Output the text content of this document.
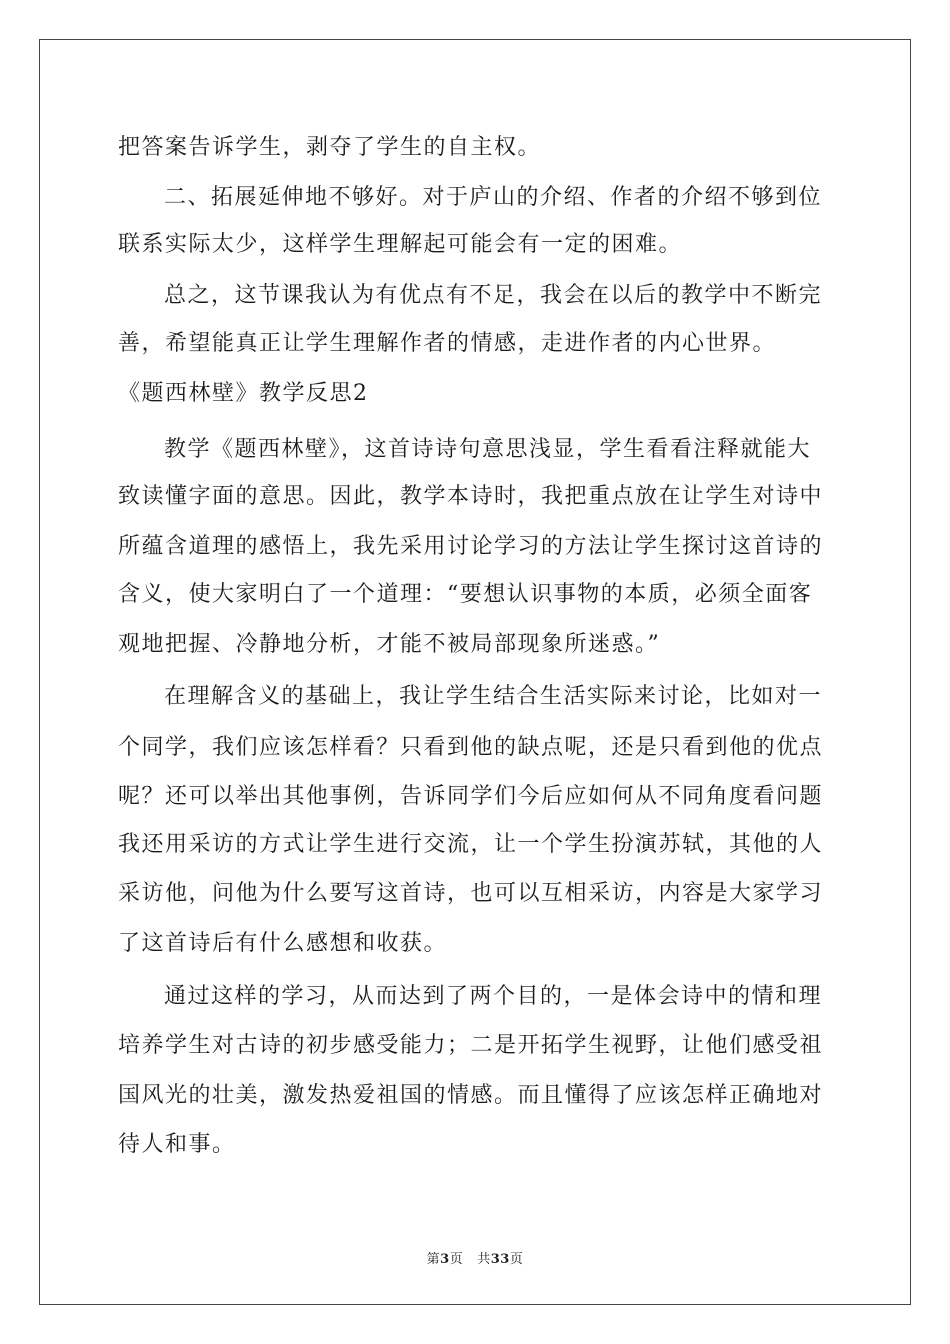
把答案告诉学生，剥夺了学生的自主权。
二、拓展延伸地不够好。对于庐山的介绍、作者的介绍不够到位
联系实际太少，这样学生理解起可能会有一定的困难。
总之，这节课我认为有优点有不足，我会在以后的教学中不断完
善，希望能真正让学生理解作者的情感，走进作者的内心世界。
《题西林壁》教学反思2
教学《题西林壁》，这首诗诗句意思浅显，学生看看注释就能大
致读懂字面的意思。因此，教学本诗时，我把重点放在让学生对诗中
所蕴含道理的感悟上，我先采用讨论学习的方法让学生探讨这首诗的
含义，使大家明白了一个道理：“要想认识事物的本质，必须全面客
观地把握、冷静地分析，才能不被局部现象所迷惑。”
在理解含义的基础上，我让学生结合生活实际来讨论，比如对一
个同学，我们应该怎样看？只看到他的缺点呢，还是只看到他的优点
呢？还可以举出其他事例，告诉同学们今后应如何从不同角度看问题
我还用采访的方式让学生进行交流，让一个学生扮演苏轼，其他的人
采访他，问他为什么要写这首诗，也可以互相采访，内容是大家学习
了这首诗后有什么感想和收获。
通过这样的学习，从而达到了两个目的，一是体会诗中的情和理
培养学生对古诗的初步感受能力；二是开拓学生视野，让他们感受祖
国风光的壮美，激发热爱祖国的情感。而且懂得了应该怎样正确地对
待人和事。
第3页 共33页
